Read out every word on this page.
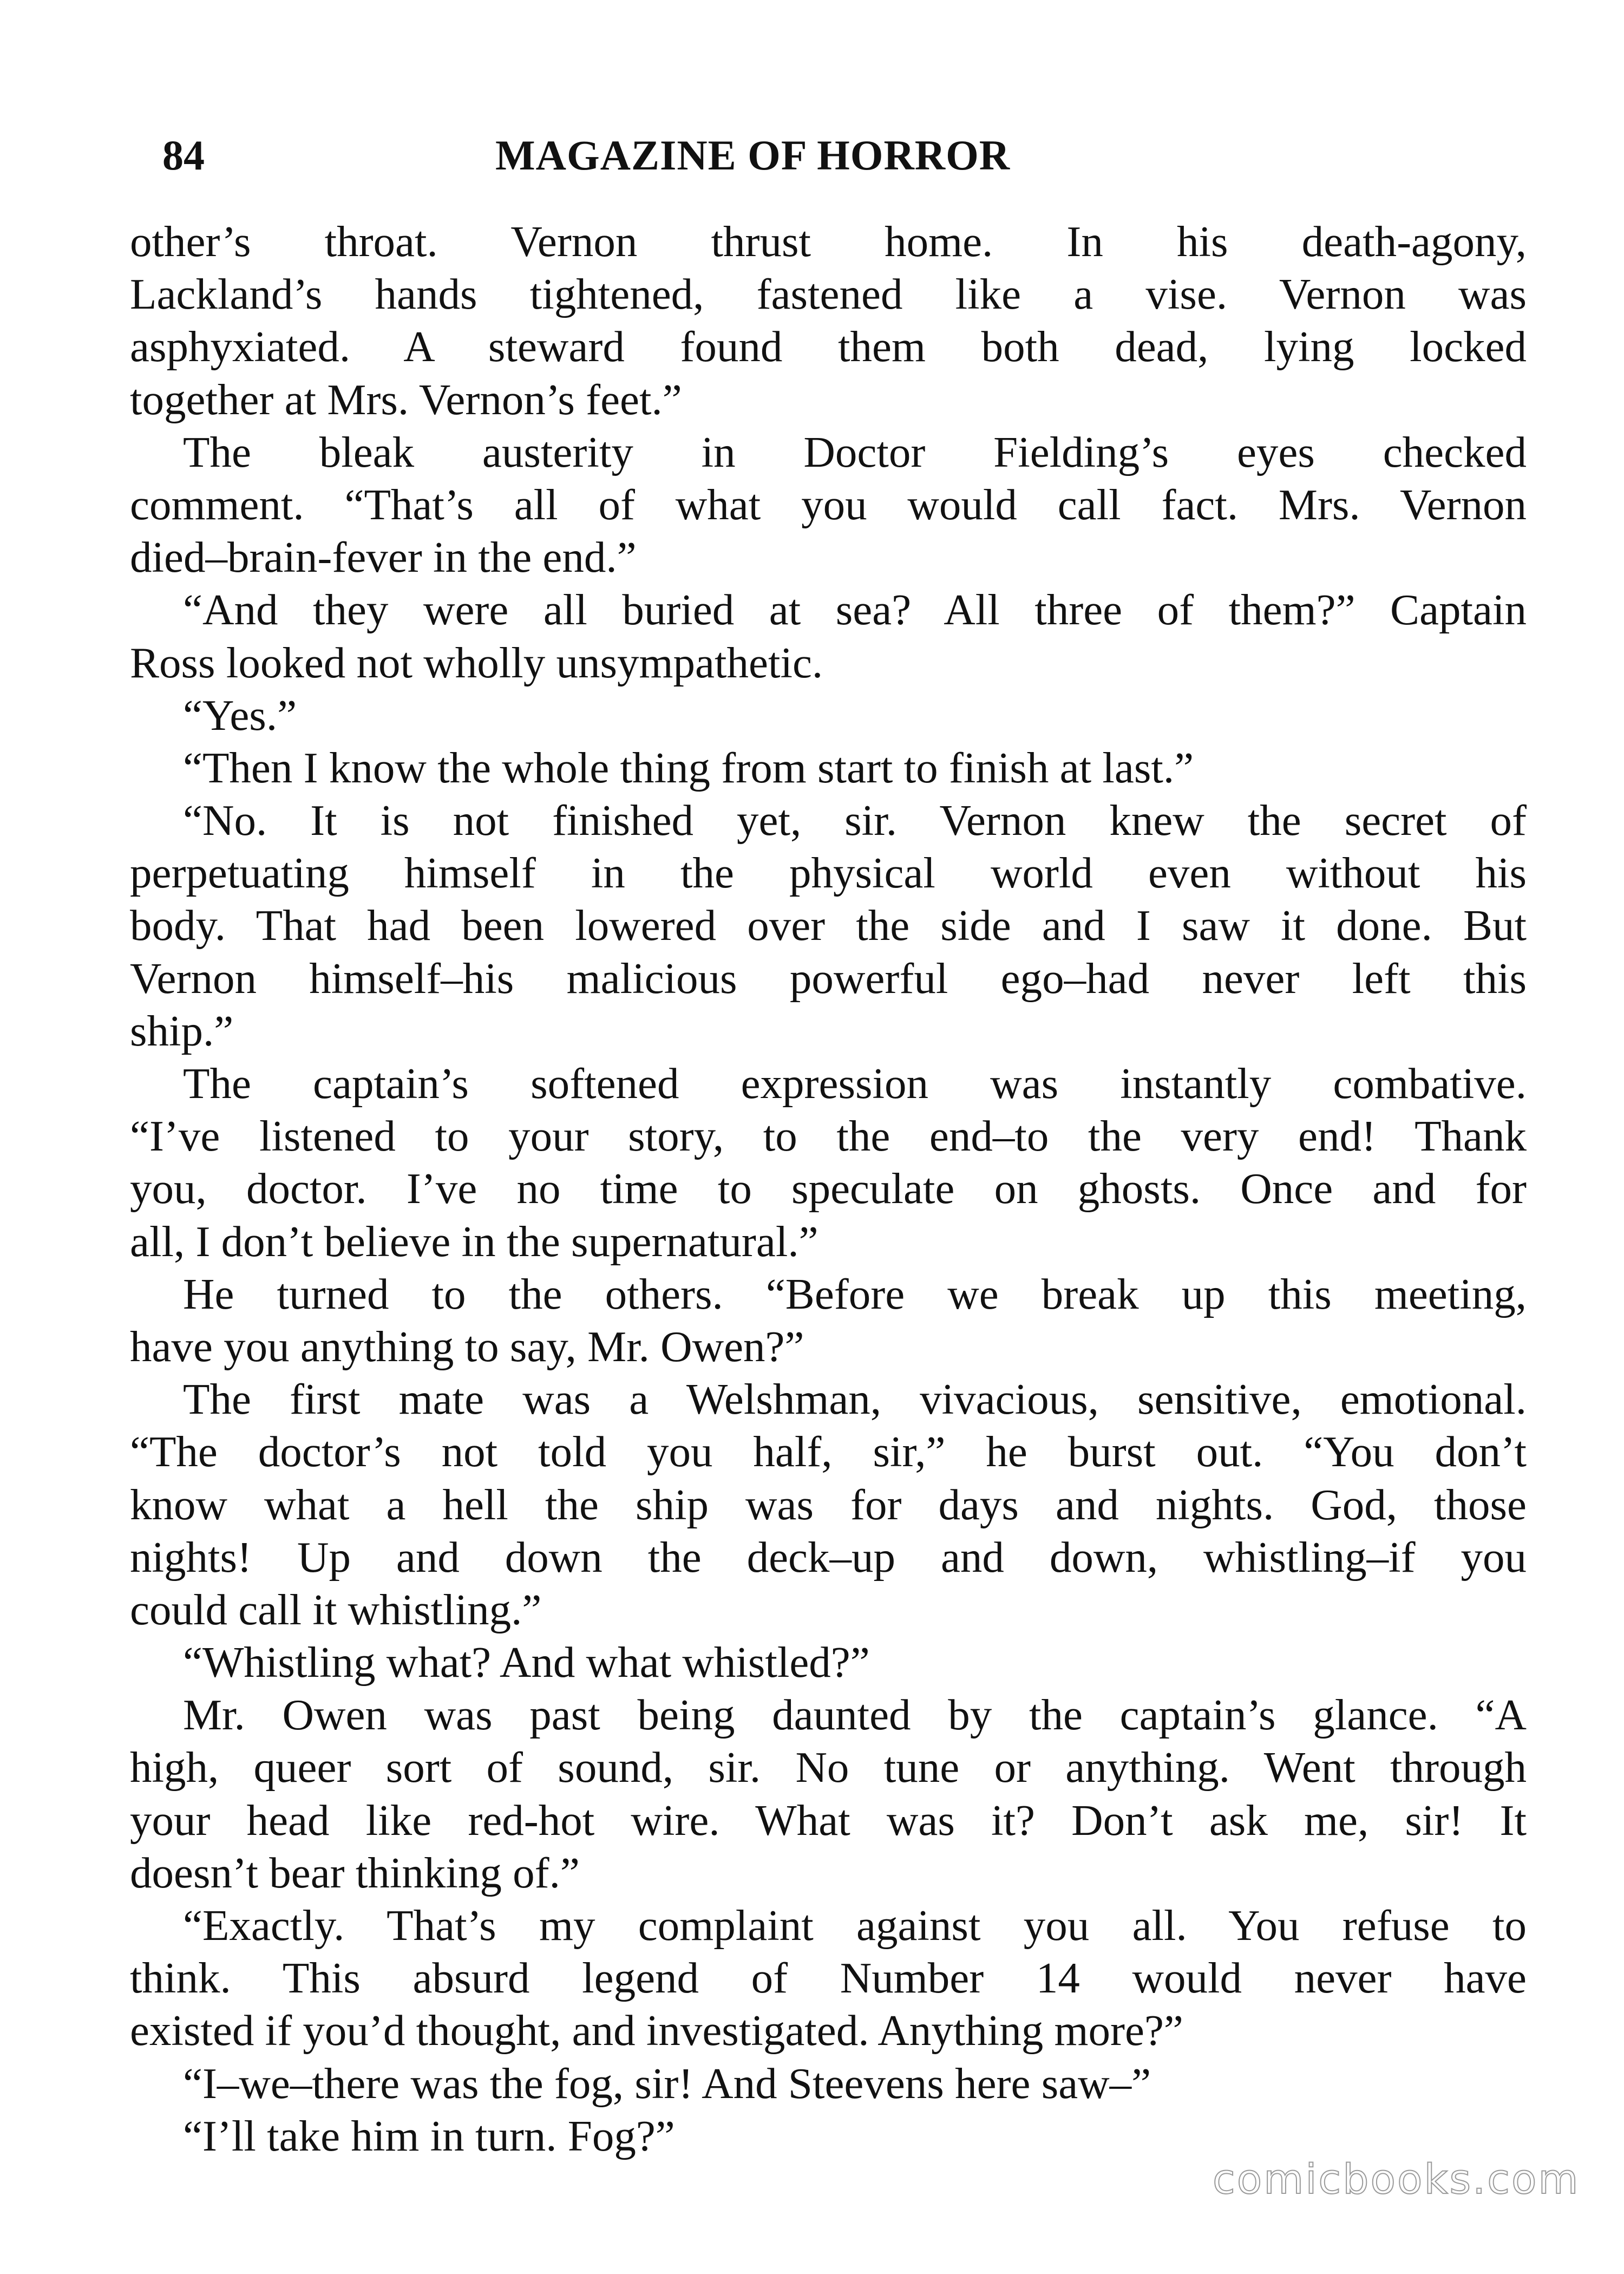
84	MAGAZINE OF HORROR
other’s throat. Vernon thrust home. In his death-agony,
Lackland’s hands tightened, fastened like a vise. Vernon was
asphyxiated. A steward found them both dead, lying locked
together at Mrs. Vernon’s feet.”
The bleak austerity in Doctor Fielding’s eyes checked
comment. “That’s all of what you would call fact. Mrs. Vernon
died–brain-fever in the end.”
“And they were all buried at sea? All three of them?” Captain
Ross looked not wholly unsympathetic.
“Yes.”
“Then I know the whole thing from start to finish at last.”
“No. It is not finished yet, sir. Vernon knew the secret of
perpetuating himself in the physical world even without his
body. That had been lowered over the side and I saw it done. But
Vernon himself–his malicious powerful ego–had never left this
ship.”
The captain’s softened expression was instantly combative.
“I’ve listened to your story, to the end–to the very end! Thank
you, doctor. I’ve no time to speculate on ghosts. Once and for
all, I don’t believe in the supernatural.”
He turned to the others. “Before we break up this meeting,
have you anything to say, Mr. Owen?”
The first mate was a Welshman, vivacious, sensitive, emotional.
“The doctor’s not told you half, sir,” he burst out. “You don’t
know what a hell the ship was for days and nights. God, those
nights! Up and down the deck–up and down, whistling–if you
could call it whistling.”
“Whistling what? And what whistled?”
Mr. Owen was past being daunted by the captain’s glance. “A
high, queer sort of sound, sir. No tune or anything. Went through
your head like red-hot wire. What was it? Don’t ask me, sir! It
doesn’t bear thinking of.”
“Exactly. That’s my complaint against you all. You refuse to
think. This absurd legend of Number 14 would never have
existed if you’d thought, and investigated. Anything more?”
“I–we–there was the fog, sir! And Steevens here saw–”
“I’ll take him in turn. Fog?”
comicbooks.com
